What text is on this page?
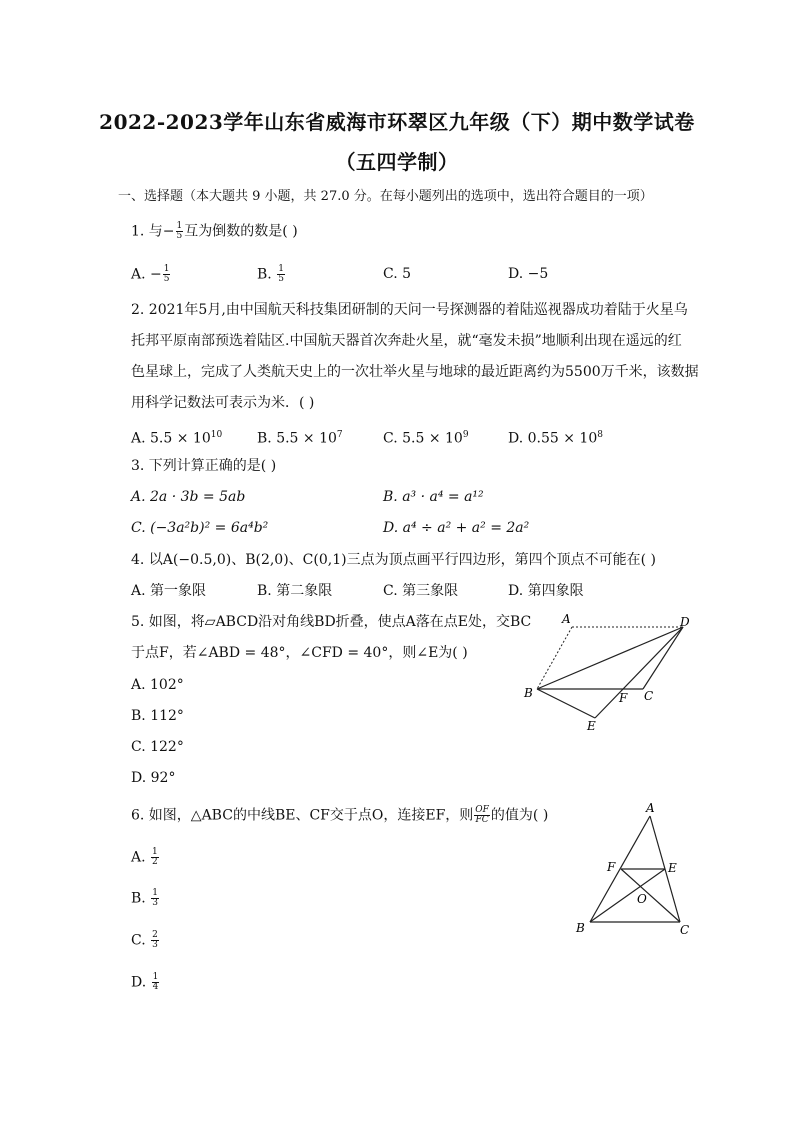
2022-2023学年山东省威海市环翠区九年级（下）期中数学试卷
（五四学制）
一、选择题（本大题共 9 小题，共 27.0 分。在每小题列出的选项中，选出符合题目的一项）
1. 与− $\frac{1}{5}$ 互为倒数的数是( )
A. − $\frac{1}{5}$	B. $\frac{1}{5}$	C. 5	D. −5
2. 2021年5月,由中国航天科技集团研制的天问一号探测器的着陆巡视器成功着陆于火星乌
托邦平原南部预选着陆区.中国航天器首次奔赴火星，就“毫发未损”地顺利出现在遥远的红
色星球上，完成了人类航天史上的一次壮举火星与地球的最近距离约为5500万千米，该数据
用科学记数法可表示为米．( )
A. $5.5 \times 10^{10}$ B. $5.5 \times 10^7$	C. $5.5 \times 10^9$	D. $0.55 \times 10^8$
3. 下列计算正确的是( )
A. 2a · 3b = 5ab	B. a³ · a⁴ = a¹²
C. (−3a²b)² = 6a⁴b²	D. a⁴ ÷ a² + a² = 2a²
4. 以A(−0.5,0)、B(2,0)、C(0,1)三点为顶点画平行四边形，第四个顶点不可能在( )
A. 第一象限	B. 第二象限	C. 第三象限	D. 第四象限
5. 如图，将▱ABCD沿对角线BD折叠，使点A落在点E处，交BC
于点F，若∠ABD = 48°，∠CFD = 40°，则∠E为( )
A. 102°
B. 112°
C. 122°
D. 92°
A	D
B	F C
E
6. 如图，△ABC的中线BE、CF交于点O，连接EF，则 $\frac{OF}{FC}$ 的值为( )
A. $\frac{1}{2}$
B. $\frac{1}{3}$
C. $\frac{2}{3}$
D. $\frac{1}{4}$
A
F	E
O
B	C
